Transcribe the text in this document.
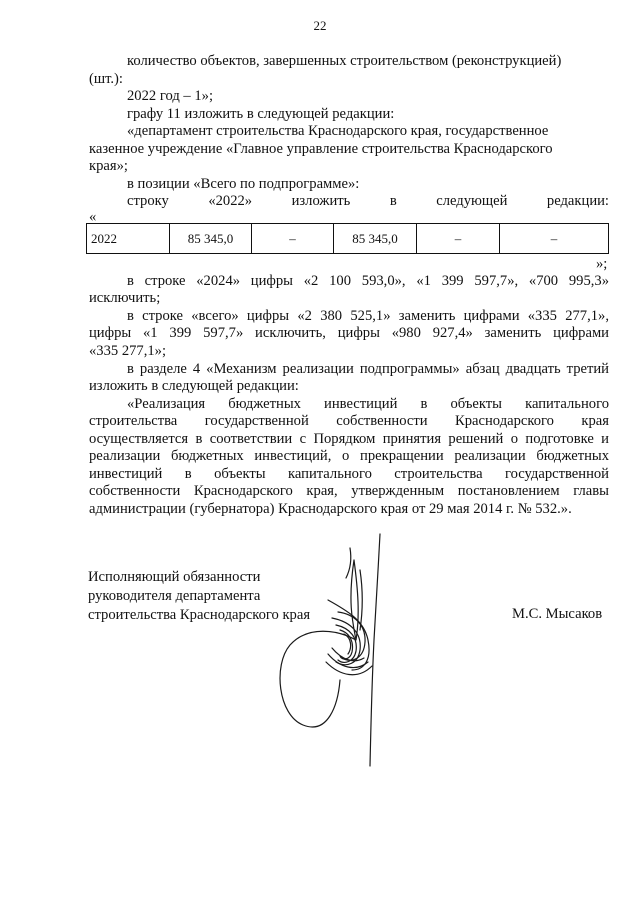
22
количество объектов, завершенных строительством (реконструкцией)
(шт.):
2022 год – 1»;
графу 11 изложить в следующей редакции:
«департамент строительства Краснодарского края, государственное
казенное учреждение «Главное управление строительства Краснодарского
края»;
в позиции «Всего по подпрограмме»:
строку «2022» изложить в следующей редакции:
«
2022	85 345,0	–	85 345,0	–	–
»;
в строке «2024» цифры «2 100 593,0», «1 399 597,7», «700 995,3»
исключить;
в строке «всего» цифры «2 380 525,1» заменить цифрами «335 277,1»,
цифры «1 399 597,7» исключить, цифры «980 927,4» заменить цифрами
«335 277,1»;
в разделе 4 «Механизм реализации подпрограммы» абзац двадцать третий
изложить в следующей редакции:
«Реализация бюджетных инвестиций в объекты капитального
строительства государственной собственности Краснодарского края
осуществляется в соответствии с Порядком принятия решений о подготовке и
реализации бюджетных инвестиций, о прекращении реализации бюджетных
инвестиций в объекты капитального строительства государственной
собственности Краснодарского края, утвержденным постановлением главы
администрации (губернатора) Краснодарского края от 29 мая 2014 г. № 532.».
Исполняющий обязанности
руководителя департамента
строительства Краснодарского края	М.С. Мысаков
